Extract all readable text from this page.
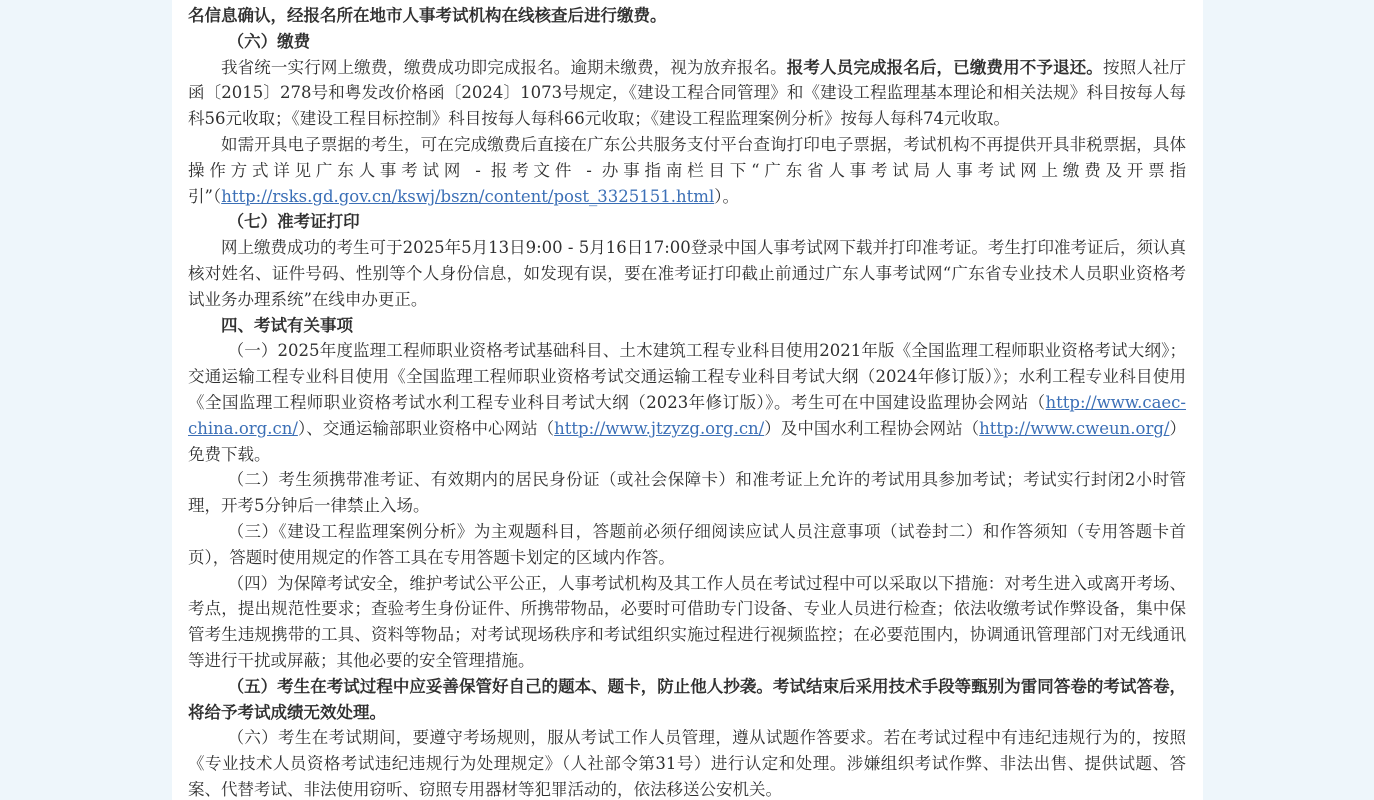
名信息确认，经报名所在地市人事考试机构在线核查后进行缴费。

（六）缴费

我省统一实行网上缴费，缴费成功即完成报名。逾期未缴费，视为放弃报名。报考人员完成报名后，已缴费用不予退还。按照人社厅函〔2015〕278号和粤发改价格函〔2024〕1073号规定，《建设工程合同管理》和《建设工程监理基本理论和相关法规》科目按每人每科56元收取；《建设工程目标控制》科目按每人每科66元收取；《建设工程监理案例分析》按每人每科74元收取。

如需开具电子票据的考生，可在完成缴费后直接在广东公共服务支付平台查询打印电子票据，考试机构不再提供开具非税票据，具体操作方式详见广东人事考试网 - 报考文件 - 办事指南栏目下“广东省人事考试局人事考试网上缴费及开票指引”（http://rsks.gd.gov.cn/kswj/bszn/content/post_3325151.html）。

（七）准考证打印

网上缴费成功的考生可于2025年5月13日9:00 - 5月16日17:00登录中国人事考试网下载并打印准考证。考生打印准考证后，须认真核对姓名、证件号码、性别等个人身份信息，如发现有误，要在准考证打印截止前通过广东人事考试网“广东省专业技术人员职业资格考试业务办理系统”在线申办更正。

四、考试有关事项

（一）2025年度监理工程师职业资格考试基础科目、土木建筑工程专业科目使用2021年版《全国监理工程师职业资格考试大纲》；交通运输工程专业科目使用《全国监理工程师职业资格考试交通运输工程专业科目考试大纲（2024年修订版）》；水利工程专业科目使用《全国监理工程师职业资格考试水利工程专业科目考试大纲（2023年修订版）》。考生可在中国建设监理协会网站（http://www.caec-china.org.cn/）、交通运输部职业资格中心网站（http://www.jtzyzg.org.cn/）及中国水利工程协会网站（http://www.cweun.org/）免费下载。

（二）考生须携带准考证、有效期内的居民身份证（或社会保障卡）和准考证上允许的考试用具参加考试；考试实行封闭2小时管理，开考5分钟后一律禁止入场。

（三）《建设工程监理案例分析》为主观题科目，答题前必须仔细阅读应试人员注意事项（试卷封二）和作答须知（专用答题卡首页），答题时使用规定的作答工具在专用答题卡划定的区域内作答。

（四）为保障考试安全，维护考试公平公正，人事考试机构及其工作人员在考试过程中可以采取以下措施：对考生进入或离开考场、考点，提出规范性要求；查验考生身份证件、所携带物品，必要时可借助专门设备、专业人员进行检查；依法收缴考试作弊设备，集中保管考生违规携带的工具、资料等物品；对考试现场秩序和考试组织实施过程进行视频监控；在必要范围内，协调通讯管理部门对无线通讯等进行干扰或屏蔽；其他必要的安全管理措施。

（五）考生在考试过程中应妥善保管好自己的题本、题卡，防止他人抄袭。考试结束后采用技术手段等甄别为雷同答卷的考试答卷，将给予考试成绩无效处理。

（六）考生在考试期间，要遵守考场规则，服从考试工作人员管理，遵从试题作答要求。若在考试过程中有违纪违规行为的，按照《专业技术人员资格考试违纪违规行为处理规定》（人社部令第31号）进行认定和处理。涉嫌组织考试作弊、非法出售、提供试题、答案、代替考试、非法使用窃听、窃照专用器材等犯罪活动的，依法移送公安机关。
